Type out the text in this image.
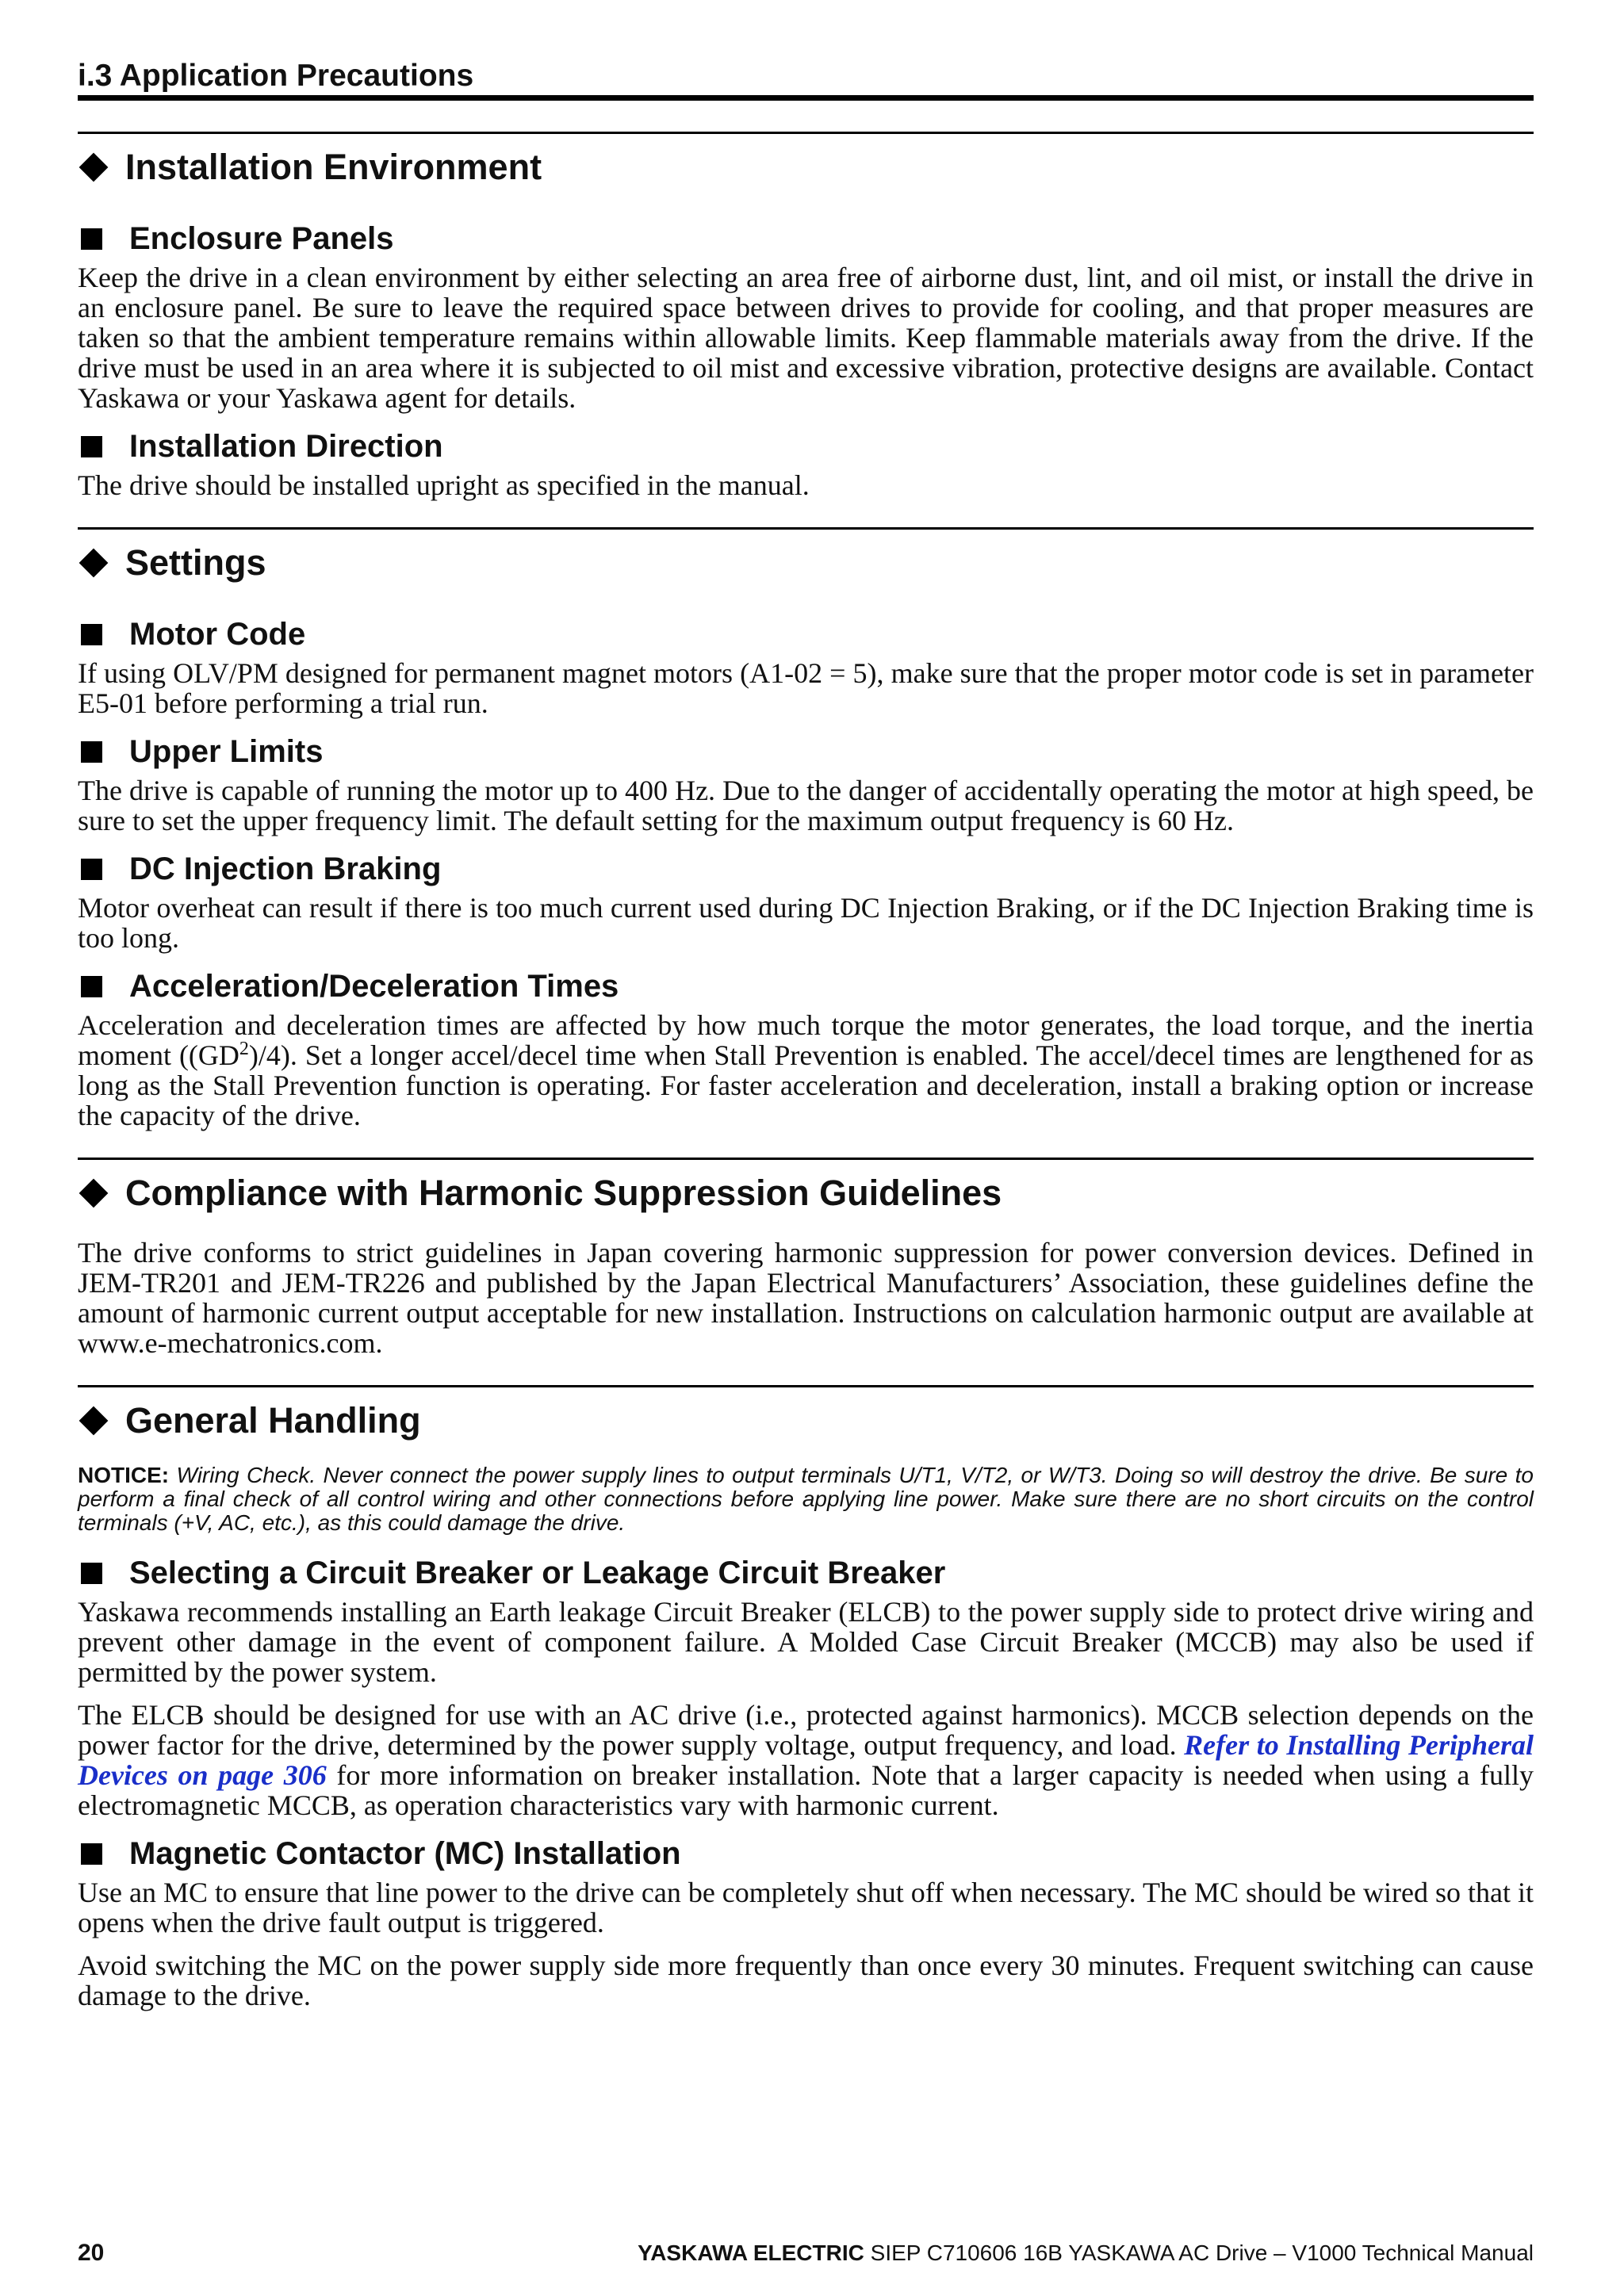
i.3 Application Precautions
Installation Environment
Enclosure Panels

Keep the drive in a clean environment by either selecting an area free of airborne dust, lint, and oil mist, or install the drive in an enclosure panel. Be sure to leave the required space between drives to provide for cooling, and that proper measures are taken so that the ambient temperature remains within allowable limits. Keep flammable materials away from the drive. If the drive must be used in an area where it is subjected to oil mist and excessive vibration, protective designs are available. Contact Yaskawa or your Yaskawa agent for details.

Installation Direction

The drive should be installed upright as specified in the manual.

Settings
Motor Code

If using OLV/PM designed for permanent magnet motors (A1-02 = 5), make sure that the proper motor code is set in parameter E5-01 before performing a trial run.

Upper Limits

The drive is capable of running the motor up to 400 Hz. Due to the danger of accidentally operating the motor at high speed, be sure to set the upper frequency limit. The default setting for the maximum output frequency is 60 Hz.

DC Injection Braking

Motor overheat can result if there is too much current used during DC Injection Braking, or if the DC Injection Braking time is too long.

Acceleration/Deceleration Times

Acceleration and deceleration times are affected by how much torque the motor generates, the load torque, and the inertia moment $((GD^2)/4)$. Set a longer accel/decel time when Stall Prevention is enabled. The accel/decel times are lengthened for as long as the Stall Prevention function is operating. For faster acceleration and deceleration, install a braking option or increase the capacity of the drive.

Compliance with Harmonic Suppression Guidelines

The drive conforms to strict guidelines in Japan covering harmonic suppression for power conversion devices. Defined in JEM-TR201 and JEM-TR226 and published by the Japan Electrical Manufacturers’ Association, these guidelines define the amount of harmonic current output acceptable for new installation. Instructions on calculation harmonic output are available at www.e-mechatronics.com.

General Handling

NOTICE: Wiring Check. Never connect the power supply lines to output terminals U/T1, V/T2, or W/T3. Doing so will destroy the drive. Be sure to perform a final check of all control wiring and other connections before applying line power. Make sure there are no short circuits on the control terminals (+V, AC, etc.), as this could damage the drive.

Selecting a Circuit Breaker or Leakage Circuit Breaker

Yaskawa recommends installing an Earth leakage Circuit Breaker (ELCB) to the power supply side to protect drive wiring and prevent other damage in the event of component failure. A Molded Case Circuit Breaker (MCCB) may also be used if permitted by the power system.

The ELCB should be designed for use with an AC drive (i.e., protected against harmonics). MCCB selection depends on the power factor for the drive, determined by the power supply voltage, output frequency, and load. Refer to Installing Peripheral Devices on page 306 for more information on breaker installation. Note that a larger capacity is needed when using a fully electromagnetic MCCB, as operation characteristics vary with harmonic current.

Magnetic Contactor (MC) Installation

Use an MC to ensure that line power to the drive can be completely shut off when necessary. The MC should be wired so that it opens when the drive fault output is triggered.

Avoid switching the MC on the power supply side more frequently than once every 30 minutes. Frequent switching can cause damage to the drive.

20	YASKAWA ELECTRIC SIEP C710606 16B YASKAWA AC Drive – V1000 Technical Manual
